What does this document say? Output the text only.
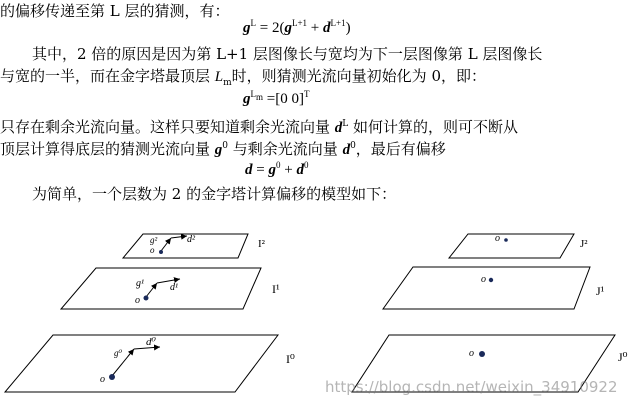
的偏移传递至第 L 层的猜测，有：
$g^L = 2(g^{L+1} + d^{L+1})$
其中，2 倍的原因是因为第 L+1 层图像长与宽均为下一层图像第 L 层图像长
与宽的一半，而在金字塔最顶层 $L_m$时，则猜测光流向量初始化为 0，即：
$g^{L_m} =[0$ 0]$^T$
只存在剩余光流向量。这样只要知道剩余光流向量 $d^L$ 如何计算的，则可不断从
顶层计算得底层的猜测光流向量 $g^0$ 与剩余光流向量 $d^0$，最后有偏移
$d = g^0 + d^0$
为简单，一个层数为 2 的金字塔计算偏移的模型如下：
g²	d²
o	I²
g¹	d¹
o
I¹
g⁰
d⁰
o
I⁰
o	J²
o
J¹
o	J⁰
https://blog.csdn.net/weixin_34910922
